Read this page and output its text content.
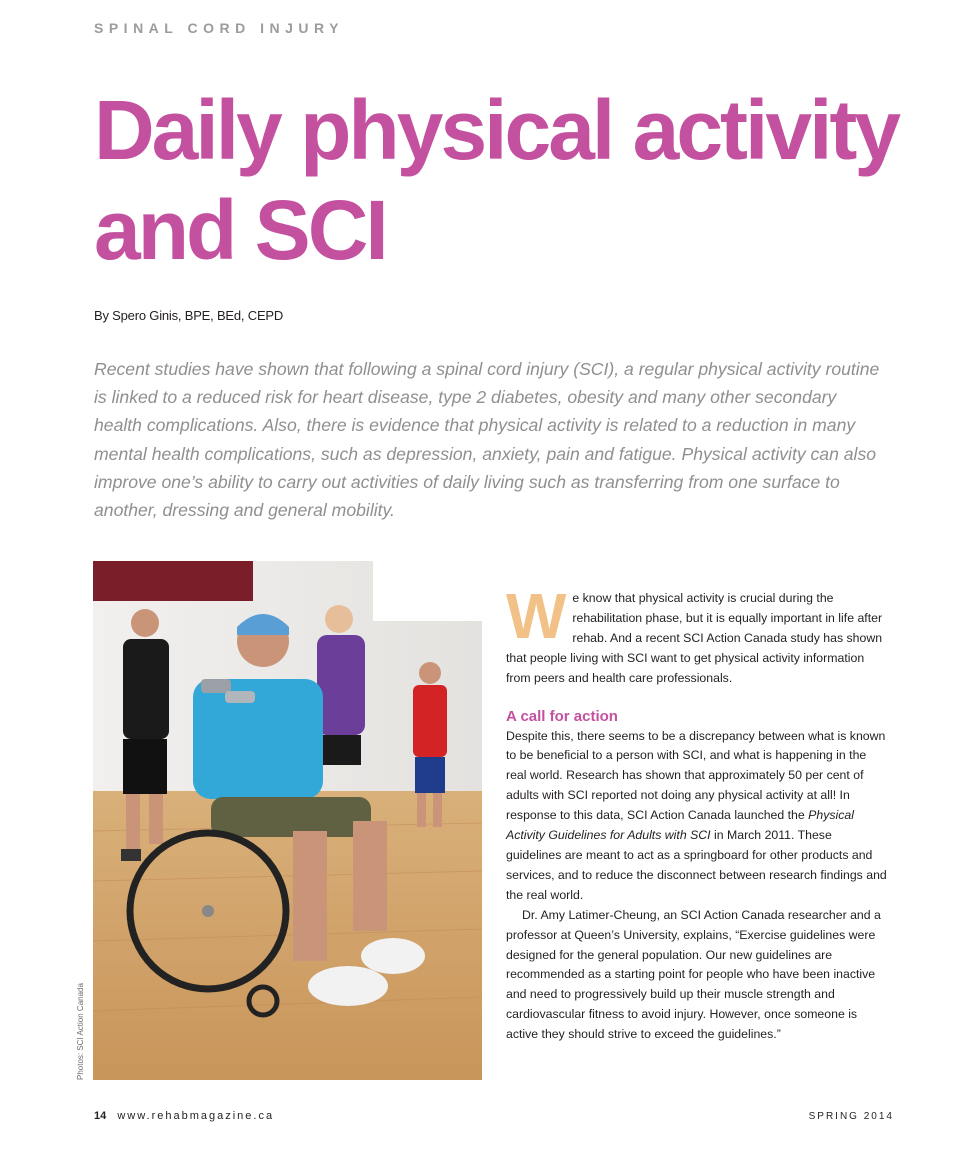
SPINAL CORD INJURY
Daily physical activity
and SCI
By Spero Ginis, BPE, BEd, CEPD

Recent studies have shown that following a spinal cord injury (SCI), a regular physical activity routine is linked to a reduced risk for heart disease, type 2 diabetes, obesity and many other secondary health complications. Also, there is evidence that physical activity is related to a reduction in many mental health complications, such as depression, anxiety, pain and fatigue. Physical activity can also improve one’s ability to carry out activities of daily living such as transferring from one surface to another, dressing and general mobility.

Photos: SCI Action Canada

We know that physical activity is crucial during the rehabilitation phase, but it is equally important in life after rehab. And a recent SCI Action Canada study has shown that people living with SCI want to get physical activity information from peers and health care professionals.

A call for action

Despite this, there seems to be a discrepancy between what is known to be beneficial to a person with SCI, and what is happening in the real world. Research has shown that approximately 50 per cent of adults with SCI reported not doing any physical activity at all! In response to this data, SCI Action Canada launched the Physical Activity Guidelines for Adults with SCI in March 2011. These guidelines are meant to act as a springboard for other products and services, and to reduce the disconnect between research findings and the real world.

Dr. Amy Latimer-Cheung, an SCI Action Canada researcher and a professor at Queen’s University, explains, “Exercise guidelines were designed for the general population. Our new guidelines are recommended as a starting point for people who have been inactive and need to progressively build up their muscle strength and cardiovascular fitness to avoid injury. However, once someone is active they should strive to exceed the guidelines.”

14 www.rehabmagazine.ca	SPRING 2014
